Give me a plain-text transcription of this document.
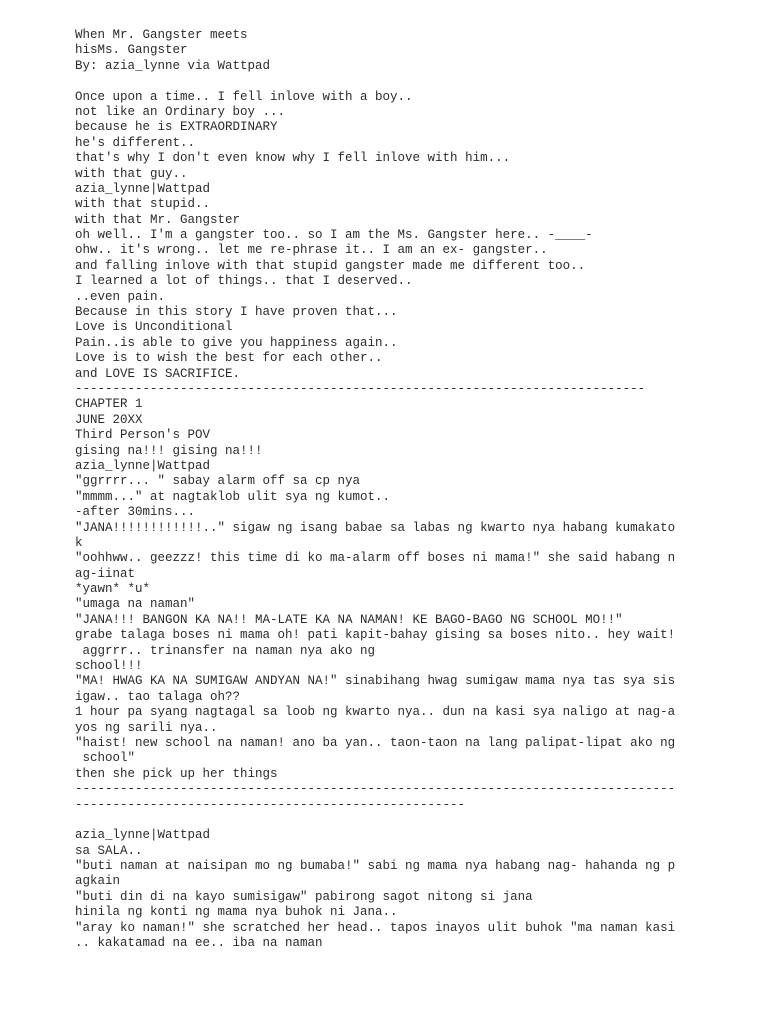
When Mr. Gangster meets
hisMs. Gangster
By: azia_lynne via Wattpad
Once upon a time.. I fell inlove with a boy..
not like an Ordinary boy ...
because he is EXTRAORDINARY
he's different..
that's why I don't even know why I fell inlove with him...
with that guy..
azia_lynne|Wattpad
with that stupid..
with that Mr. Gangster
oh well.. I'm a gangster too.. so I am the Ms. Gangster here.. -____-
ohw.. it's wrong.. let me re-phrase it.. I am an ex- gangster..
and falling inlove with that stupid gangster made me different too..
I learned a lot of things.. that I deserved..
..even pain.
Because in this story I have proven that...
Love is Unconditional
Pain..is able to give you happiness again..
Love is to wish the best for each other..
and LOVE IS SACRIFICE.
----------------------------------------------------------------------------
CHAPTER 1
JUNE 20XX
Third Person's POV
gising na!!! gising na!!!
azia_lynne|Wattpad
"ggrrrr... " sabay alarm off sa cp nya
"mmmm..." at nagtaklob ulit sya ng kumot..
-after 30mins...
"JANA!!!!!!!!!!!!.." sigaw ng isang babae sa labas ng kwarto nya habang kumakato
k
"oohhww.. geezzz! this time di ko ma-alarm off boses ni mama!" she said habang n
ag-iinat
*yawn* *u*
"umaga na naman"
"JANA!!! BANGON KA NA!! MA-LATE KA NA NAMAN! KE BAGO-BAGO NG SCHOOL MO!!"
grabe talaga boses ni mama oh! pati kapit-bahay gising sa boses nito.. hey wait!
aggrrr.. trinansfer na naman nya ako ng
school!!!
"MA! HWAG KA NA SUMIGAW ANDYAN NA!" sinabihang hwag sumigaw mama nya tas sya sis
igaw.. tao talaga oh??
1 hour pa syang nagtagal sa loob ng kwarto nya.. dun na kasi sya naligo at nag-a
yos ng sarili nya..
"haist! new school na naman! ano ba yan.. taon-taon na lang palipat-lipat ako ng
school"
then she pick up her things
--------------------------------------------------------------------------------
----------------------------------------------------
azia_lynne|Wattpad
sa SALA..
"buti naman at naisipan mo ng bumaba!" sabi ng mama nya habang nag- hahanda ng p
agkain
"buti din di na kayo sumisigaw" pabirong sagot nitong si jana
hinila ng konti ng mama nya buhok ni Jana..
"aray ko naman!" she scratched her head.. tapos inayos ulit buhok "ma naman kasi
.. kakatamad na ee.. iba na naman
